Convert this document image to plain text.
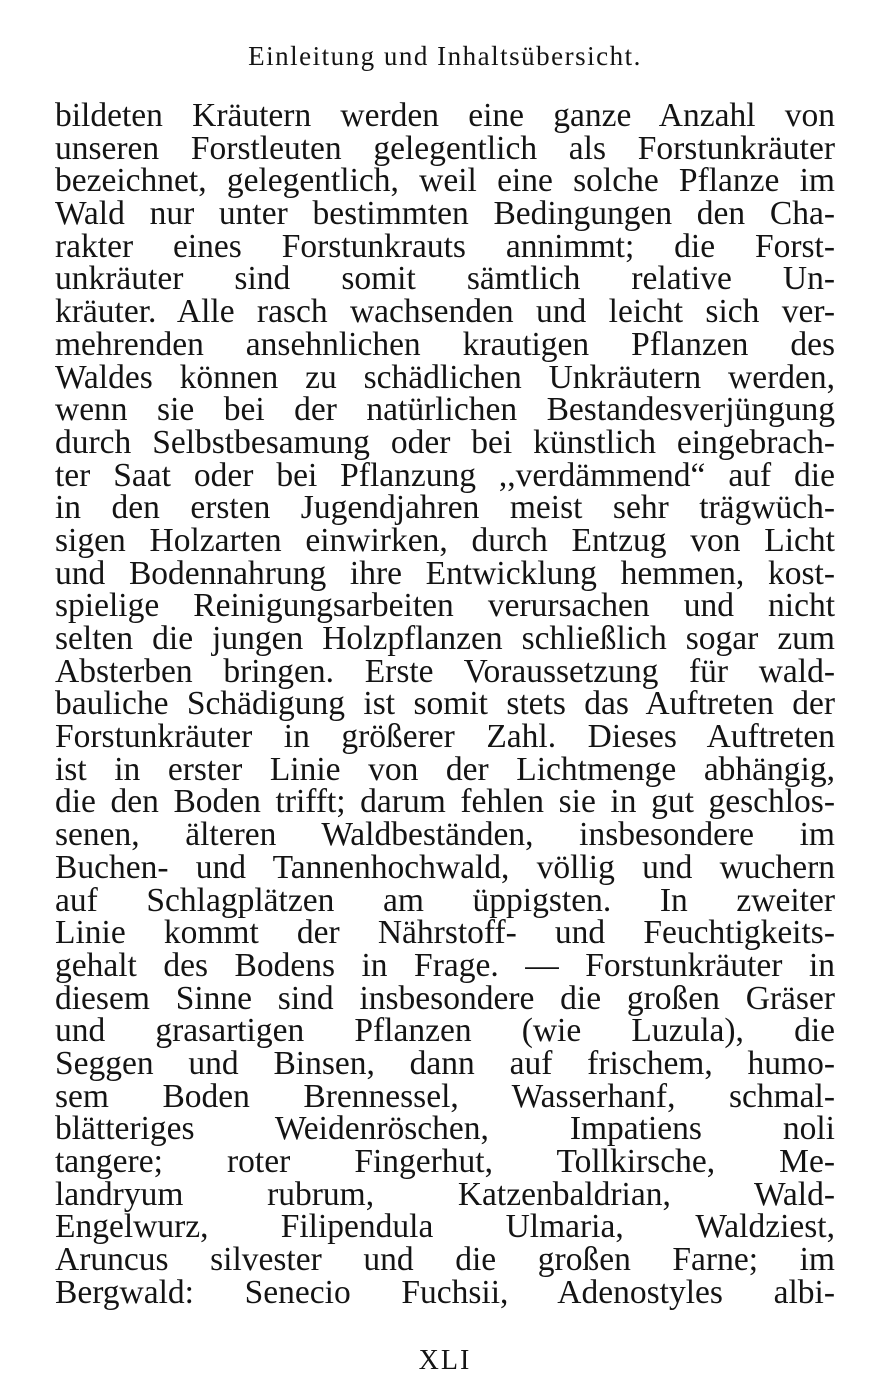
Einleitung und Inhaltsübersicht.
bildeten Kräutern werden eine ganze Anzahl von
unseren Forstleuten gelegentlich als Forstunkräuter
bezeichnet, gelegentlich, weil eine solche Pflanze im
Wald nur unter bestimmten Bedingungen den Cha-
rakter eines Forstunkrauts annimmt; die Forst-
unkräuter sind somit sämtlich relative Un-
kräuter. Alle rasch wachsenden und leicht sich ver-
mehrenden ansehnlichen krautigen Pflanzen des
Waldes können zu schädlichen Unkräutern werden,
wenn sie bei der natürlichen Bestandesverjüngung
durch Selbstbesamung oder bei künstlich eingebrach-
ter Saat oder bei Pflanzung ,,verdämmend“ auf die
in den ersten Jugendjahren meist sehr trägwüch-
sigen Holzarten einwirken, durch Entzug von Licht
und Bodennahrung ihre Entwicklung hemmen, kost-
spielige Reinigungsarbeiten verursachen und nicht
selten die jungen Holzpflanzen schließlich sogar zum
Absterben bringen. Erste Voraussetzung für wald-
bauliche Schädigung ist somit stets das Auftreten der
Forstunkräuter in größerer Zahl. Dieses Auftreten
ist in erster Linie von der Lichtmenge abhängig,
die den Boden trifft; darum fehlen sie in gut geschlos-
senen, älteren Waldbeständen, insbesondere im
Buchen- und Tannenhochwald, völlig und wuchern
auf Schlagplätzen am üppigsten. In zweiter
Linie kommt der Nährstoff- und Feuchtigkeits-
gehalt des Bodens in Frage. — Forstunkräuter in
diesem Sinne sind insbesondere die großen Gräser
und grasartigen Pflanzen (wie Luzula), die
Seggen und Binsen, dann auf frischem, humo-
sem Boden Brennessel, Wasserhanf, schmal-
blätteriges Weidenröschen, Impatiens noli
tangere; roter Fingerhut, Tollkirsche, Me-
landryum rubrum, Katzenbaldrian, Wald-
Engelwurz, Filipendula Ulmaria, Waldziest,
Aruncus silvester und die großen Farne; im
Bergwald: Senecio Fuchsii, Adenostyles albi-
XLI
